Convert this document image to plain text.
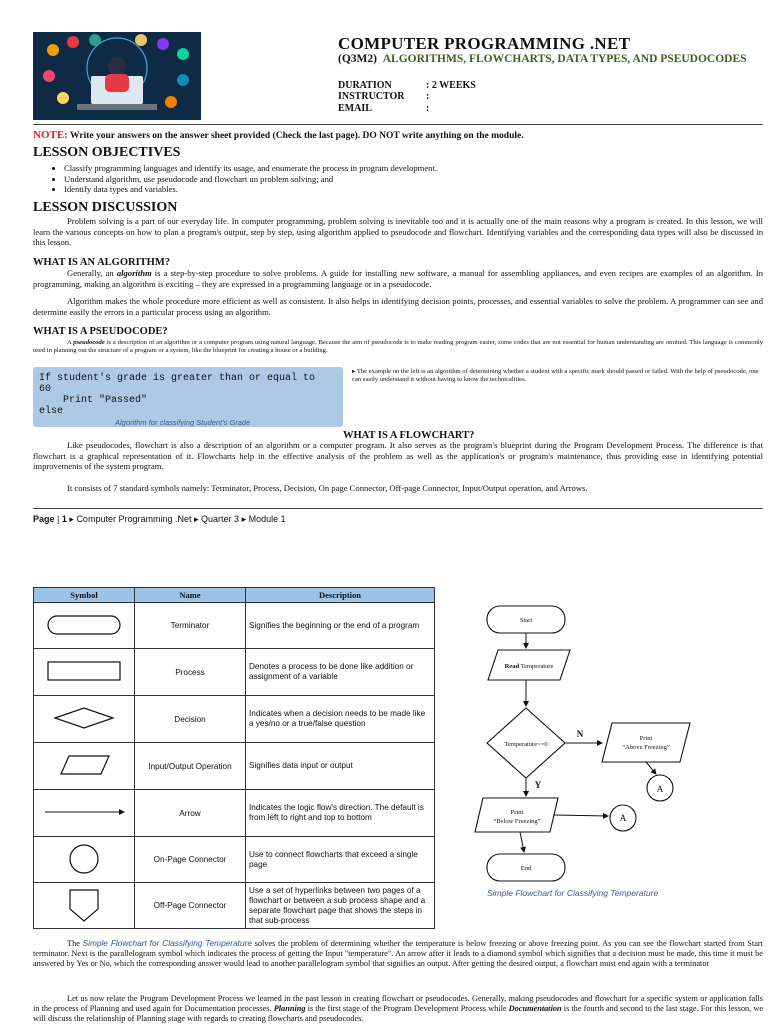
COMPUTER PROGRAMMING .NET
(Q3M2) ALGORITHMS, FLOWCHARTS, DATA TYPES, AND PSEUDOCODES
DURATION	: 2 WEEKS
INSTRUCTOR :
EMAIL	:
NOTE: Write your answers on the answer sheet provided (Check the last page). DO NOT write anything on the module.
LESSON OBJECTIVES
• Classify programming languages and identify its usage, and enumerate the process in program development.
• Understand algorithm, use pseudocode and flowchart un problem solving; and
• Identify data types and variables.
LESSON DISCUSSION
Problem solving is a part of our everyday life. In computer programming, problem solving is inevitable too and it is actually one of the main reasons why a program is created. In this lesson, we will learn the various concepts on how to plan a program's output, step by step, using algorithm applied to pseudocode and flowchart. Identifying variables and the corresponding data types will also be discussed in this lesson.
WHAT IS AN ALGORITHM?
Generally, an algorithm is a step-by-step procedure to solve problems. A guide for installing new software, a manual for assembling appliances, and even recipes are examples of an algorithm. In programming, making an algorithm is exciting – they are expressed in a programming language or in a pseudocode.
Algorithm makes the whole procedure more efficient as well as consistent. It also helps in identifying decision points, processes, and essential variables to solve the problem. A programmer can see and determine easily the errors in a particular process using an algorithm.
WHAT IS A PSEUDOCODE?
A pseudocode is a description of an algorithm or a computer program using natural language. Because the aim of pseudocode is to make reading program easier, some codes that are not essential for human understanding are omitted. This language is commonly used in planning out the structure of a program or a system, like the blueprint for creating a house or a building.
If student's grade is greater than or equal to
60
Print "Passed"
else
Algorithm for classifying Student's Grade
▸ The example on the left is an algorithm of determining whether a student with a specific mark should passed or failed. With the help of pseudocode, one can easily understand it without having to know the technicalities.
WHAT IS A FLOWCHART?
Like pseudocodes, flowchart is also a description of an algorithm or a computer program. It also serves as the program's blueprint during the Program Development Process. The difference is that flowchart is a graphical representation of it. Flowcharts help in the effective analysis of the problem as well as the application's or program's maintenance, thus providing ease in identifying potential improvements of the system program.
It consists of 7 standard symbols namely: Terminator, Process, Decision, On page Connector, Off-page Connector, Input/Output operation, and Arrows.
Page | 1 ▸ Computer Programming .Net ▸ Quarter 3 ▸ Module 1
Symbol	Name	Description
	Terminator	Signifies the beginning or the end of a program
	Process	Denotes a process to be done like addition or assignment of a variable
	Decision	Indicates when a decision needs to be made like a yes/no or a true/false question
	Input/Output Operation	Signifies data input or output
	Arrow	Indicates the logic flow's direction. The default is from left to right and top to bottom
	On-Page Connector	Use to connect flowcharts that exceed a single page
	Off-Page Connector	Use a set of hyperlinks between two pages of a flowchart or between a sub process shape and a separate flowchart page that shows the steps in that sub-process
Start
Read Temperature
Temperature<=0
N
Y
Print
“Above Freezing”
A
Print
“Below Freezing”	A
End
Simple Flowchart for Classifying Temperature
The Simple Flowchart for Classifying Temperature solves the problem of determining whether the temperature is below freezing or above freezing point. As you can see the flowchart started from Start terminator. Next is the parallelogram symbol which indicates the process of getting the Input "temperature". An arrow after it leads to a diamond symbol which signifies that a decision must be made, this time it must be answered by Yes or No, which the corresponding answer would lead to another parallelogram symbol that signifies an output. After getting the desired output, a flowchart must end again with a terminator
Let us now relate the Program Development Process we learned in the past lesson in creating flowchart or pseudocodes. Generally, making pseudocodes and flowchart for a specific system or application falls in the process of Planning and used again for Documentation processes. Planning is the first stage of the Program Development Process while Documentation is the fourth and second to the last stage. For this lesson, we will discuss the relationship of Planning stage with regards to creating flowcharts and pseudocodes.
